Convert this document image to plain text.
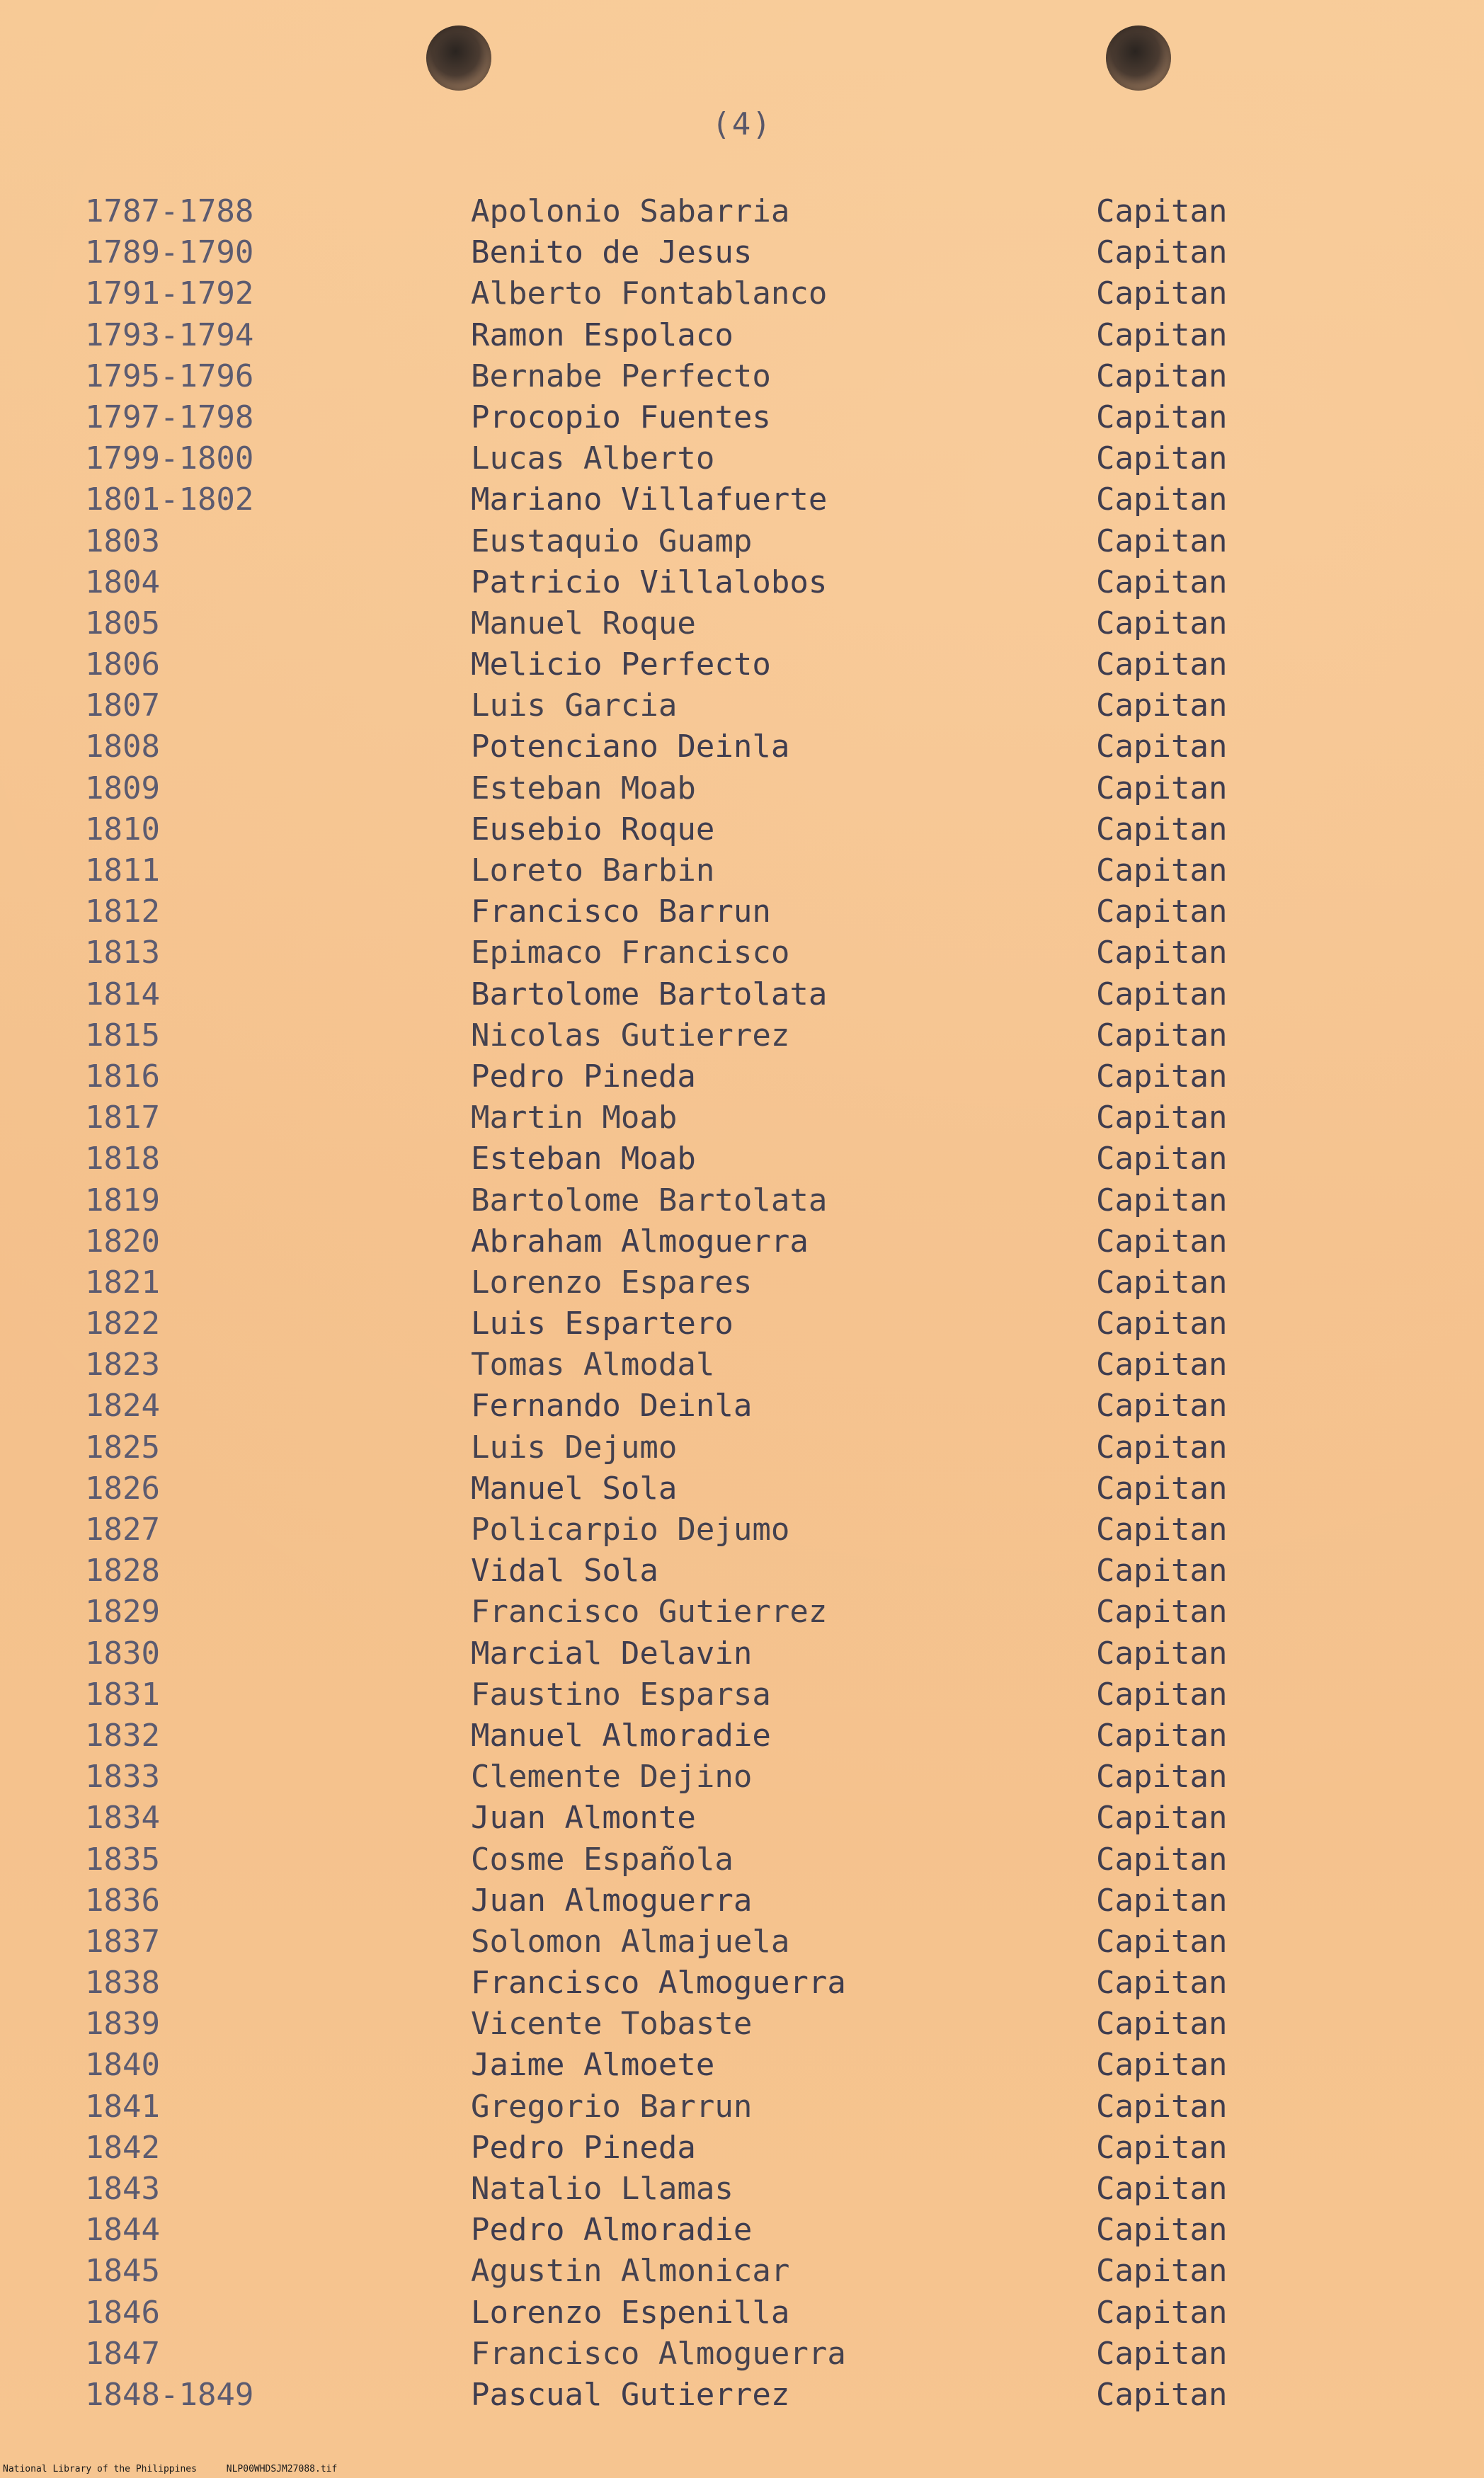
(4)
1787-1788	Apolonio Sabarria	Capitan
1789-1790	Benito de Jesus	Capitan
1791-1792	Alberto Fontablanco	Capitan
1793-1794	Ramon Espolaco	Capitan
1795-1796	Bernabe Perfecto	Capitan
1797-1798	Procopio Fuentes	Capitan
1799-1800	Lucas Alberto	Capitan
1801-1802	Mariano Villafuerte	Capitan
1803	Eustaquio Guamp	Capitan
1804	Patricio Villalobos	Capitan
1805	Manuel Roque	Capitan
1806	Melicio Perfecto	Capitan
1807	Luis Garcia	Capitan
1808	Potenciano Deinla	Capitan
1809	Esteban Moab	Capitan
1810	Eusebio Roque	Capitan
1811	Loreto Barbin	Capitan
1812	Francisco Barrun	Capitan
1813	Epimaco Francisco	Capitan
1814	Bartolome Bartolata	Capitan
1815	Nicolas Gutierrez	Capitan
1816	Pedro Pineda	Capitan
1817	Martin Moab	Capitan
1818	Esteban Moab	Capitan
1819	Bartolome Bartolata	Capitan
1820	Abraham Almoguerra	Capitan
1821	Lorenzo Espares	Capitan
1822	Luis Espartero	Capitan
1823	Tomas Almodal	Capitan
1824	Fernando Deinla	Capitan
1825	Luis Dejumo	Capitan
1826	Manuel Sola	Capitan
1827	Policarpio Dejumo	Capitan
1828	Vidal Sola	Capitan
1829	Francisco Gutierrez	Capitan
1830	Marcial Delavin	Capitan
1831	Faustino Esparsa	Capitan
1832	Manuel Almoradie	Capitan
1833	Clemente Dejino	Capitan
1834	Juan Almonte	Capitan
1835	Cosme Española	Capitan
1836	Juan Almoguerra	Capitan
1837	Solomon Almajuela	Capitan
1838	Francisco Almoguerra	Capitan
1839	Vicente Tobaste	Capitan
1840	Jaime Almoete	Capitan
1841	Gregorio Barrun	Capitan
1842	Pedro Pineda	Capitan
1843	Natalio Llamas	Capitan
1844	Pedro Almoradie	Capitan
1845	Agustin Almonicar	Capitan
1846	Lorenzo Espenilla	Capitan
1847	Francisco Almoguerra	Capitan
1848-1849	Pascual Gutierrez	Capitan
National Library of the Philippines	NLP00WHDSJM27088.tif
